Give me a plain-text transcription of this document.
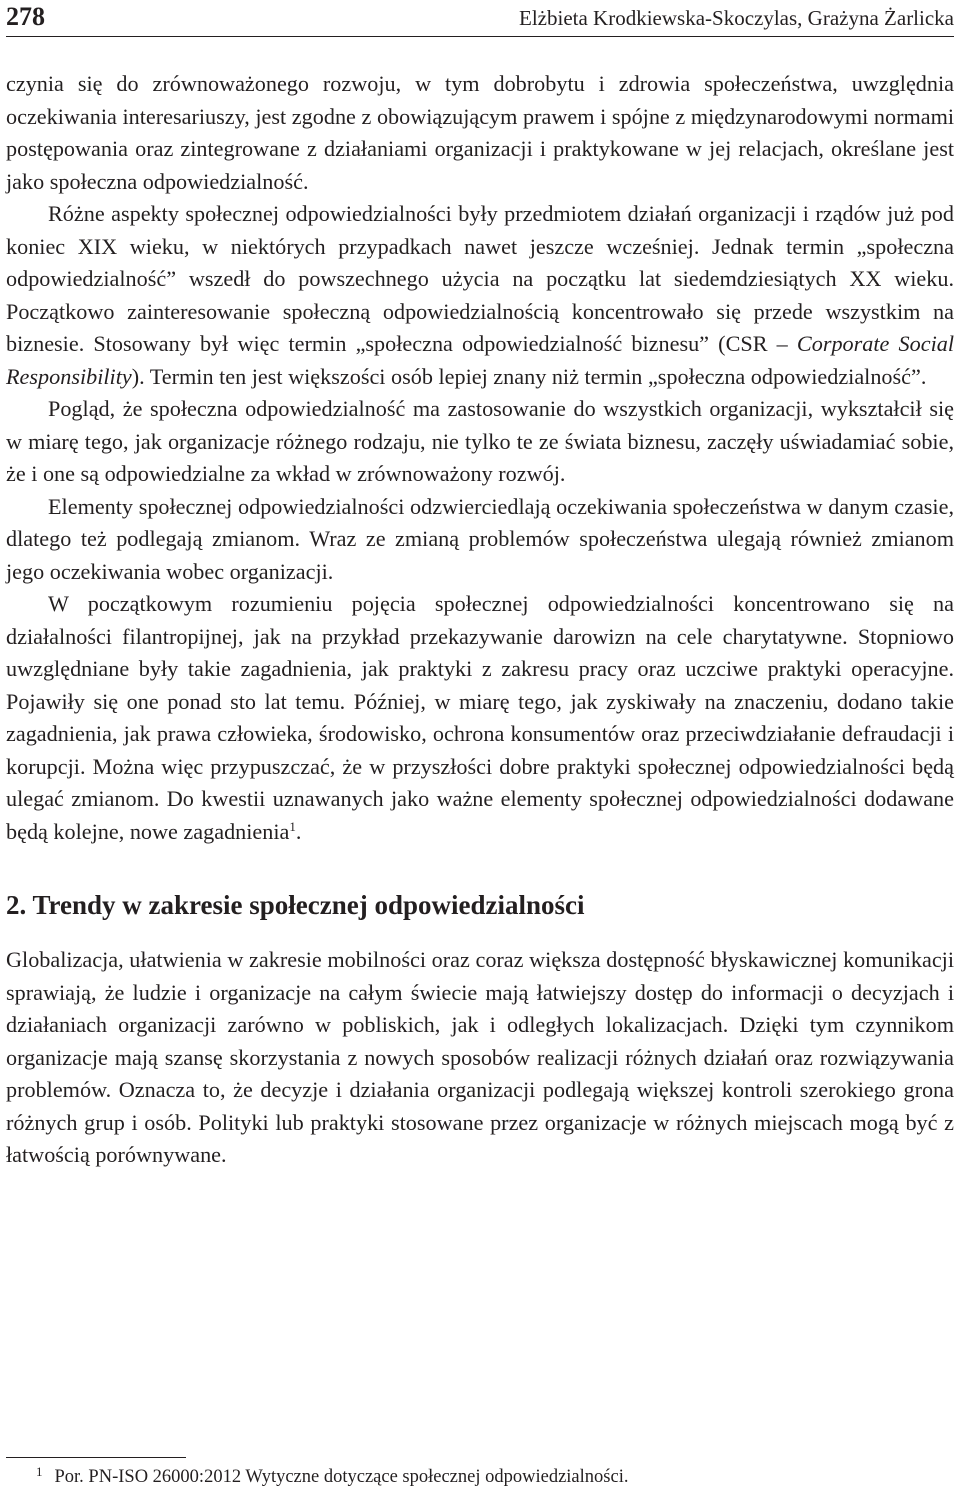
278	Elżbieta Krodkiewska-Skoczylas, Grażyna Żarlicka

czynia się do zrównoważonego rozwoju, w tym dobrobytu i zdrowia społeczeństwa, uwzględnia oczekiwania interesariuszy, jest zgodne z obowiązującym prawem i spójne z międzynarodowymi normami postępowania oraz zintegrowane z działaniami organizacji i praktykowane w jej relacjach, określane jest jako społeczna odpowiedzialność.

Różne aspekty społecznej odpowiedzialności były przedmiotem działań organizacji i rządów już pod koniec XIX wieku, w niektórych przypadkach nawet jeszcze wcześniej. Jednak termin „społeczna odpowiedzialność” wszedł do powszechnego użycia na początku lat siedemdziesiątych XX wieku. Początkowo zainteresowanie społeczną odpowiedzialnością koncentrowało się przede wszystkim na biznesie. Stosowany był więc termin „społeczna odpowiedzialność biznesu” (CSR – Corporate Social Responsibility). Termin ten jest większości osób lepiej znany niż termin „społeczna odpowiedzialność”.

Pogląd, że społeczna odpowiedzialność ma zastosowanie do wszystkich organizacji, wykształcił się w miarę tego, jak organizacje różnego rodzaju, nie tylko te ze świata biznesu, zaczęły uświadamiać sobie, że i one są odpowiedzialne za wkład w zrównoważony rozwój.

Elementy społecznej odpowiedzialności odzwierciedlają oczekiwania społeczeństwa w danym czasie, dlatego też podlegają zmianom. Wraz ze zmianą problemów społeczeństwa ulegają również zmianom jego oczekiwania wobec organizacji.

W początkowym rozumieniu pojęcia społecznej odpowiedzialności koncentrowano się na działalności filantropijnej, jak na przykład przekazywanie darowizn na cele charytatywne. Stopniowo uwzględniane były takie zagadnienia, jak praktyki z zakresu pracy oraz uczciwe praktyki operacyjne. Pojawiły się one ponad sto lat temu. Później, w miarę tego, jak zyskiwały na znaczeniu, dodano takie zagadnienia, jak prawa człowieka, środowisko, ochrona konsumentów oraz przeciwdziałanie defraudacji i korupcji. Można więc przypuszczać, że w przyszłości dobre praktyki społecznej odpowiedzialności będą ulegać zmianom. Do kwestii uznawanych jako ważne elementy społecznej odpowiedzialności dodawane będą kolejne, nowe zagadnienia$^1$.

2. Trendy w zakresie społecznej odpowiedzialności

Globalizacja, ułatwienia w zakresie mobilności oraz coraz większa dostępność błyskawicznej komunikacji sprawiają, że ludzie i organizacje na całym świecie mają łatwiejszy dostęp do informacji o decyzjach i działaniach organizacji zarówno w pobliskich, jak i odległych lokalizacjach. Dzięki tym czynnikom organizacje mają szansę skorzystania z nowych sposobów realizacji różnych działań oraz rozwiązywania problemów. Oznacza to, że decyzje i działania organizacji podlegają większej kontroli szerokiego grona różnych grup i osób. Polityki lub praktyki stosowane przez organizacje w różnych miejscach mogą być z łatwością porównywane.

$^1$ Por. PN-ISO 26000:2012 Wytyczne dotyczące społecznej odpowiedzialności.
